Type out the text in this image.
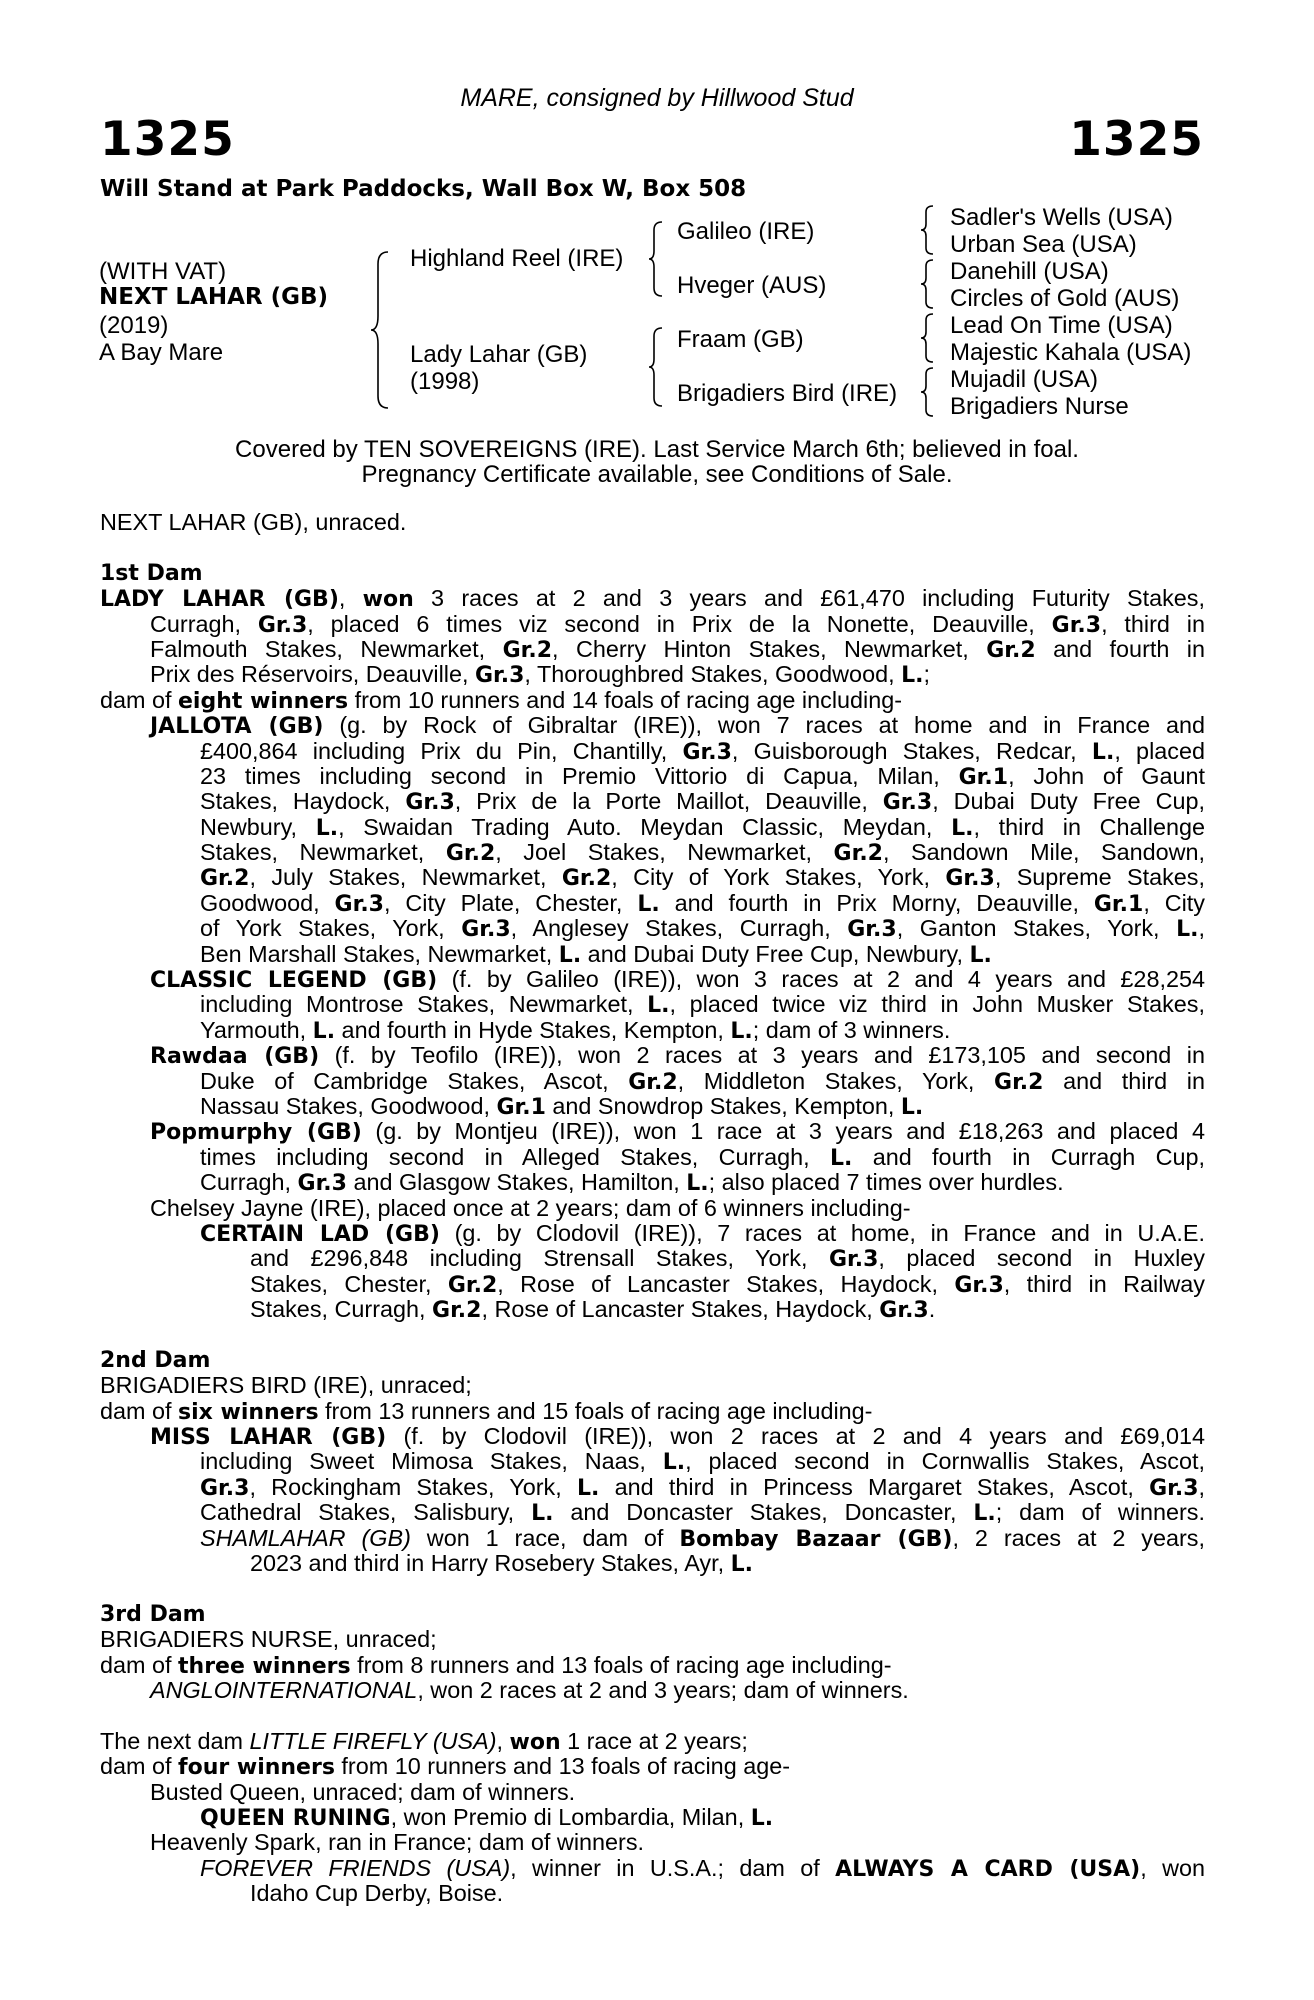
MARE, consigned by Hillwood Stud
1325	1325
Will Stand at Park Paddocks, Wall Box W, Box 508
(WITH VAT)
NEXT LAHAR (GB)
(2019)
A Bay Mare
Highland Reel (IRE)
Lady Lahar (GB)
(1998)
Galileo (IRE)
Hveger (AUS)
Fraam (GB)
Brigadiers Bird (IRE)
Sadler's Wells (USA)
Urban Sea (USA)
Danehill (USA)
Circles of Gold (AUS)
Lead On Time (USA)
Majestic Kahala (USA)
Mujadil (USA)
Brigadiers Nurse
Covered by TEN SOVEREIGNS (IRE). Last Service March 6th; believed in foal.
Pregnancy Certificate available, see Conditions of Sale.
NEXT LAHAR (GB), unraced.
1st Dam
LADY LAHAR (GB), won 3 races at 2 and 3 years and £61,470 including Futurity Stakes,
Curragh, Gr.3, placed 6 times viz second in Prix de la Nonette, Deauville, Gr.3, third in
Falmouth Stakes, Newmarket, Gr.2, Cherry Hinton Stakes, Newmarket, Gr.2 and fourth in
Prix des Réservoirs, Deauville, Gr.3, Thoroughbred Stakes, Goodwood, L.;
dam of eight winners from 10 runners and 14 foals of racing age including-
JALLOTA (GB) (g. by Rock of Gibraltar (IRE)), won 7 races at home and in France and
£400,864 including Prix du Pin, Chantilly, Gr.3, Guisborough Stakes, Redcar, L., placed
23 times including second in Premio Vittorio di Capua, Milan, Gr.1, John of Gaunt
Stakes, Haydock, Gr.3, Prix de la Porte Maillot, Deauville, Gr.3, Dubai Duty Free Cup,
Newbury, L., Swaidan Trading Auto. Meydan Classic, Meydan, L., third in Challenge
Stakes, Newmarket, Gr.2, Joel Stakes, Newmarket, Gr.2, Sandown Mile, Sandown,
Gr.2, July Stakes, Newmarket, Gr.2, City of York Stakes, York, Gr.3, Supreme Stakes,
Goodwood, Gr.3, City Plate, Chester, L. and fourth in Prix Morny, Deauville, Gr.1, City
of York Stakes, York, Gr.3, Anglesey Stakes, Curragh, Gr.3, Ganton Stakes, York, L.,
Ben Marshall Stakes, Newmarket, L. and Dubai Duty Free Cup, Newbury, L.
CLASSIC LEGEND (GB) (f. by Galileo (IRE)), won 3 races at 2 and 4 years and £28,254
including Montrose Stakes, Newmarket, L., placed twice viz third in John Musker Stakes,
Yarmouth, L. and fourth in Hyde Stakes, Kempton, L.; dam of 3 winners.
Rawdaa (GB) (f. by Teofilo (IRE)), won 2 races at 3 years and £173,105 and second in
Duke of Cambridge Stakes, Ascot, Gr.2, Middleton Stakes, York, Gr.2 and third in
Nassau Stakes, Goodwood, Gr.1 and Snowdrop Stakes, Kempton, L.
Popmurphy (GB) (g. by Montjeu (IRE)), won 1 race at 3 years and £18,263 and placed 4
times including second in Alleged Stakes, Curragh, L. and fourth in Curragh Cup,
Curragh, Gr.3 and Glasgow Stakes, Hamilton, L.; also placed 7 times over hurdles.
Chelsey Jayne (IRE), placed once at 2 years; dam of 6 winners including-
CERTAIN LAD (GB) (g. by Clodovil (IRE)), 7 races at home, in France and in U.A.E.
and £296,848 including Strensall Stakes, York, Gr.3, placed second in Huxley
Stakes, Chester, Gr.2, Rose of Lancaster Stakes, Haydock, Gr.3, third in Railway
Stakes, Curragh, Gr.2, Rose of Lancaster Stakes, Haydock, Gr.3.
2nd Dam
BRIGADIERS BIRD (IRE), unraced;
dam of six winners from 13 runners and 15 foals of racing age including-
MISS LAHAR (GB) (f. by Clodovil (IRE)), won 2 races at 2 and 4 years and £69,014
including Sweet Mimosa Stakes, Naas, L., placed second in Cornwallis Stakes, Ascot,
Gr.3, Rockingham Stakes, York, L. and third in Princess Margaret Stakes, Ascot, Gr.3,
Cathedral Stakes, Salisbury, L. and Doncaster Stakes, Doncaster, L.; dam of winners.
SHAMLAHAR (GB) won 1 race, dam of Bombay Bazaar (GB), 2 races at 2 years,
2023 and third in Harry Rosebery Stakes, Ayr, L.
3rd Dam
BRIGADIERS NURSE, unraced;
dam of three winners from 8 runners and 13 foals of racing age including-
ANGLOINTERNATIONAL, won 2 races at 2 and 3 years; dam of winners.
The next dam LITTLE FIREFLY (USA), won 1 race at 2 years;
dam of four winners from 10 runners and 13 foals of racing age-
Busted Queen, unraced; dam of winners.
QUEEN RUNING, won Premio di Lombardia, Milan, L.
Heavenly Spark, ran in France; dam of winners.
FOREVER FRIENDS (USA), winner in U.S.A.; dam of ALWAYS A CARD (USA), won
Idaho Cup Derby, Boise.
